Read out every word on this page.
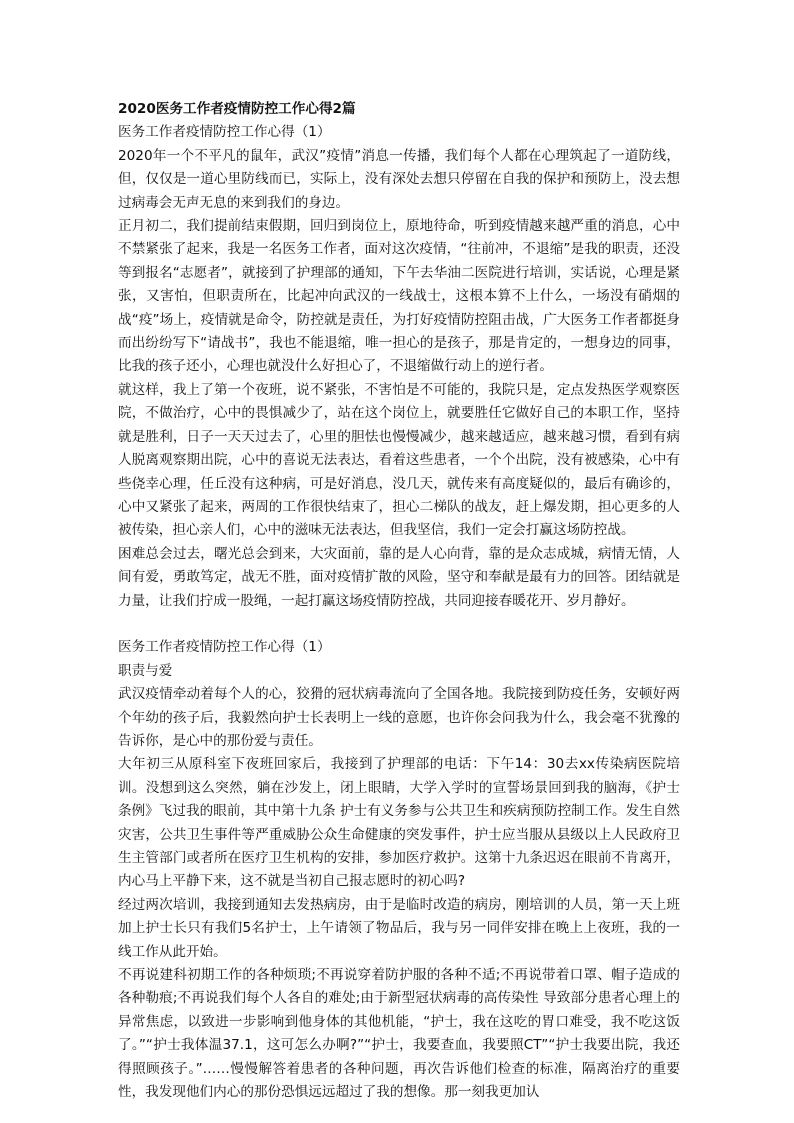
2020医务工作者疫情防控工作心得2篇

医务工作者疫情防控工作心得（1）

2020年一个不平凡的鼠年，武汉”疫情”消息一传播，我们每个人都在心理筑起了一道防线，但，仅仅是一道心里防线而已，实际上，没有深处去想只停留在自我的保护和预防上，没去想过病毒会无声无息的来到我们的身边。

正月初二，我们提前结束假期，回归到岗位上，原地待命，听到疫情越来越严重的消息，心中不禁紧张了起来，我是一名医务工作者，面对这次疫情，“往前冲，不退缩”是我的职责，还没等到报名“志愿者”，就接到了护理部的通知，下午去华油二医院进行培训，实话说，心理是紧张，又害怕，但职责所在，比起冲向武汉的一线战士，这根本算不上什么，一场没有硝烟的战“疫”场上，疫情就是命令，防控就是责任，为打好疫情防控阻击战，广大医务工作者都挺身而出纷纷写下“请战书”，我也不能退缩，唯一担心的是孩子，那是肯定的，一想身边的同事，比我的孩子还小，心理也就没什么好担心了，不退缩做行动上的逆行者。

就这样，我上了第一个夜班，说不紧张，不害怕是不可能的，我院只是，定点发热医学观察医院，不做治疗，心中的畏惧减少了，站在这个岗位上，就要胜任它做好自己的本职工作，坚持就是胜利，日子一天天过去了，心里的胆怯也慢慢减少，越来越适应，越来越习惯，看到有病人脱离观察期出院，心中的喜说无法表达，看着这些患者，一个个出院，没有被感染，心中有些侥幸心理，任丘没有这种病，可是好消息，没几天，就传来有高度疑似的，最后有确诊的，心中又紧张了起来，两周的工作很快结束了，担心二梯队的战友，赶上爆发期，担心更多的人被传染，担心亲人们，心中的滋味无法表达，但我坚信，我们一定会打赢这场防控战。

困难总会过去，曙光总会到来，大灾面前，靠的是人心向背，靠的是众志成城，病情无情，人间有爱，勇敢笃定，战无不胜，面对疫情扩散的风险，坚守和奉献是最有力的回答。团结就是力量，让我们拧成一股绳，一起打赢这场疫情防控战，共同迎接春暖花开、岁月静好。

医务工作者疫情防控工作心得（1）

职责与爱

武汉疫情牵动着每个人的心，狡猾的冠状病毒流向了全国各地。我院接到防疫任务，安顿好两个年幼的孩子后，我毅然向护士长表明上一线的意愿，也许你会问我为什么，我会毫不犹豫的告诉你，是心中的那份爱与责任。

大年初三从原科室下夜班回家后，我接到了护理部的电话：下午14：30去xx传染病医院培训。没想到这么突然，躺在沙发上，闭上眼睛，大学入学时的宣誓场景回到我的脑海，《护士条例》飞过我的眼前，其中第十九条 护士有义务参与公共卫生和疾病预防控制工作。发生自然灾害，公共卫生事件等严重威胁公众生命健康的突发事件，护士应当服从县级以上人民政府卫生主管部门或者所在医疗卫生机构的安排，参加医疗救护。这第十九条迟迟在眼前不肯离开，内心马上平静下来，这不就是当初自己报志愿时的初心吗?

经过两次培训，我接到通知去发热病房，由于是临时改造的病房，刚培训的人员，第一天上班加上护士长只有我们5名护士，上午请领了物品后，我与另一同伴安排在晚上上夜班，我的一线工作从此开始。

不再说建科初期工作的各种烦琐;不再说穿着防护服的各种不适;不再说带着口罩、帽子造成的各种勒痕;不再说我们每个人各自的难处;由于新型冠状病毒的高传染性 导致部分患者心理上的异常焦虑，以致进一步影响到他身体的其他机能，“护士，我在这吃的胃口难受，我不吃这饭了。”“护士我体温37.1，这可怎么办啊?”“护士，我要查血，我要照CT”“护士我要出院，我还得照顾孩子。”……慢慢解答着患者的各种问题，再次告诉他们检查的标准，隔离治疗的重要性，我发现他们内心的那份恐惧远远超过了我的想像。那一刻我更加认
